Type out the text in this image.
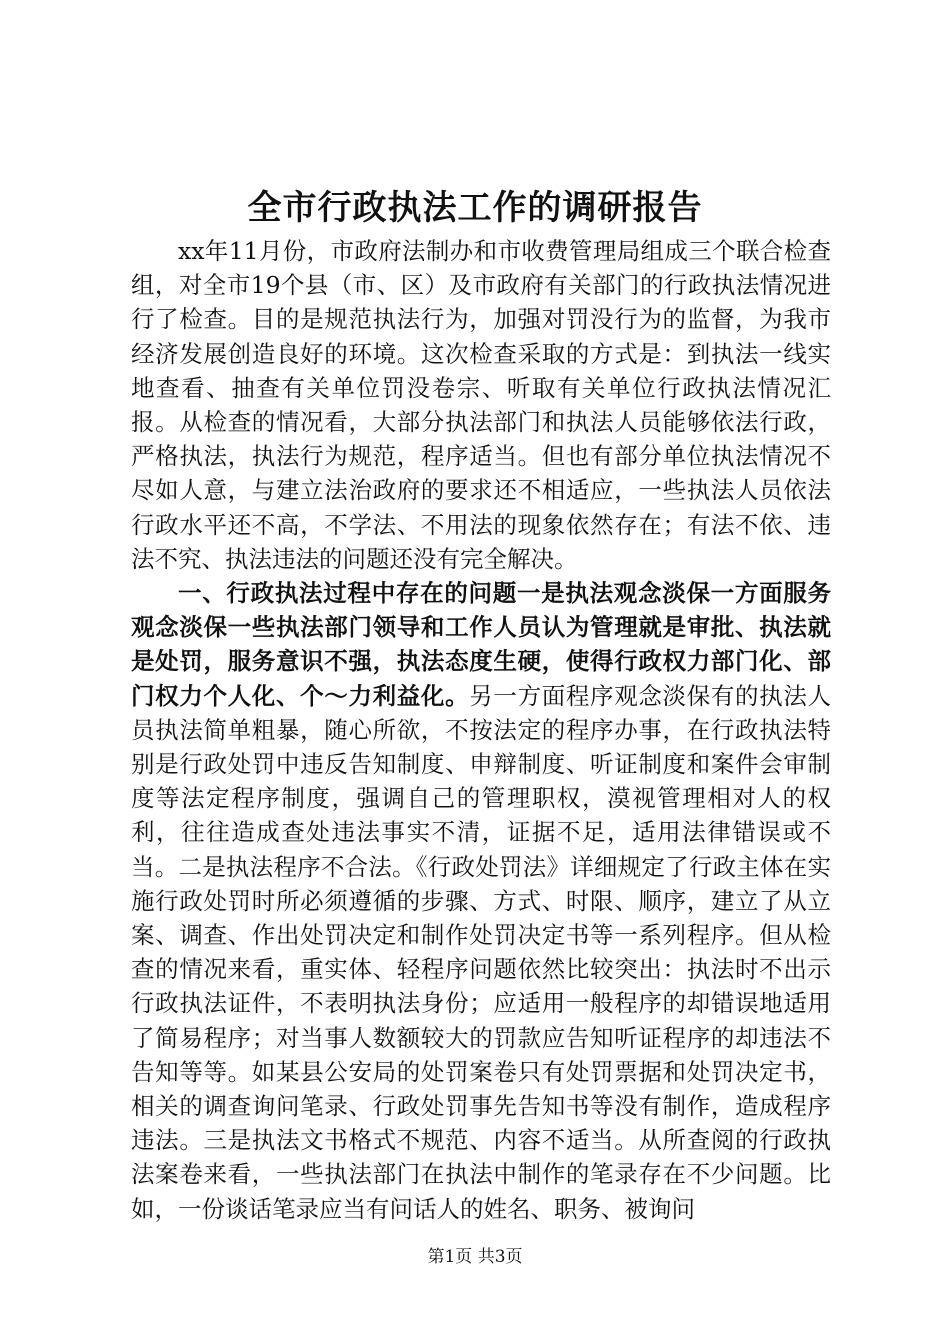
全市行政执法工作的调研报告

xx年11月份，市政府法制办和市收费管理局组成三个联合检查组，对全市19个县（市、区）及市政府有关部门的行政执法情况进行了检查。目的是规范执法行为，加强对罚没行为的监督，为我市经济发展创造良好的环境。这次检查采取的方式是：到执法一线实地查看、抽查有关单位罚没卷宗、听取有关单位行政执法情况汇报。从检查的情况看，大部分执法部门和执法人员能够依法行政，严格执法，执法行为规范，程序适当。但也有部分单位执法情况不尽如人意，与建立法治政府的要求还不相适应，一些执法人员依法行政水平还不高，不学法、不用法的现象依然存在；有法不依、违法不究、执法违法的问题还没有完全解决。

一、行政执法过程中存在的问题一是执法观念淡保一方面服务观念淡保一些执法部门领导和工作人员认为管理就是审批、执法就是处罚，服务意识不强，执法态度生硬，使得行政权力部门化、部门权力个人化、个～力利益化。另一方面程序观念淡保有的执法人员执法简单粗暴，随心所欲，不按法定的程序办事，在行政执法特别是行政处罚中违反告知制度、申辩制度、听证制度和案件会审制度等法定程序制度，强调自己的管理职权，漠视管理相对人的权利，往往造成查处违法事实不清，证据不足，适用法律错误或不当。二是执法程序不合法。《行政处罚法》详细规定了行政主体在实施行政处罚时所必须遵循的步骤、方式、时限、顺序，建立了从立案、调查、作出处罚决定和制作处罚决定书等一系列程序。但从检查的情况来看，重实体、轻程序问题依然比较突出：执法时不出示行政执法证件，不表明执法身份；应适用一般程序的却错误地适用了简易程序；对当事人数额较大的罚款应告知听证程序的却违法不告知等等。如某县公安局的处罚案卷只有处罚票据和处罚决定书，相关的调查询问笔录、行政处罚事先告知书等没有制作，造成程序违法。三是执法文书格式不规范、内容不适当。从所查阅的行政执法案卷来看，一些执法部门在执法中制作的笔录存在不少问题。比如，一份谈话笔录应当有问话人的姓名、职务、被询问

第1页 共3页
